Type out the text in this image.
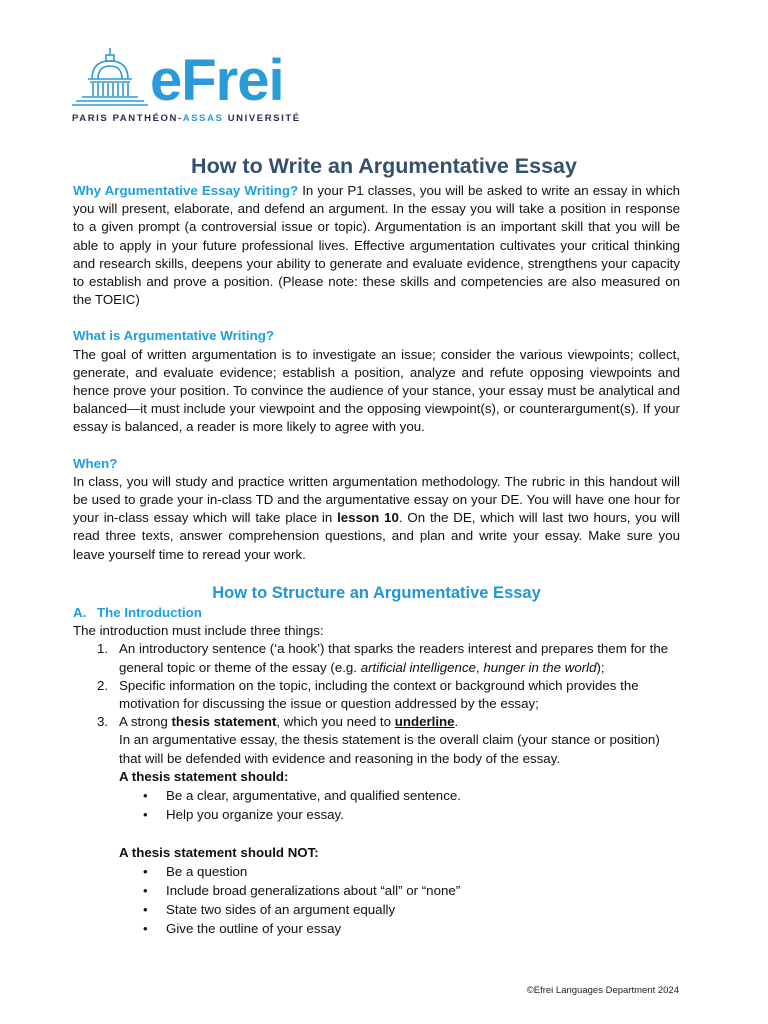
eFrei
PARIS PANTHÉON-ASSAS UNIVERSITÉ
How to Write an Argumentative Essay

Why Argumentative Essay Writing? In your P1 classes, you will be asked to write an essay in which you will present, elaborate, and defend an argument. In the essay you will take a position in response to a given prompt (a controversial issue or topic). Argumentation is an important skill that you will be able to apply in your future professional lives. Effective argumentation cultivates your critical thinking and research skills, deepens your ability to generate and evaluate evidence, strengthens your capacity to establish and prove a position. (Please note: these skills and competencies are also measured on the TOEIC)

What is Argumentative Writing?

The goal of written argumentation is to investigate an issue; consider the various viewpoints; collect, generate, and evaluate evidence; establish a position, analyze and refute opposing viewpoints and hence prove your position. To convince the audience of your stance, your essay must be analytical and balanced—it must include your viewpoint and the opposing viewpoint(s), or counterargument(s). If your essay is balanced, a reader is more likely to agree with you.

When?

In class, you will study and practice written argumentation methodology. The rubric in this handout will be used to grade your in-class TD and the argumentative essay on your DE. You will have one hour for your in-class essay which will take place in lesson 10. On the DE, which will last two hours, you will read three texts, answer comprehension questions, and plan and write your essay. Make sure you leave yourself time to reread your work.

How to Structure an Argumentative Essay

A. The Introduction

The introduction must include three things:

1. An introductory sentence (‘a hook’) that sparks the readers interest and prepares them for the general topic or theme of the essay (e.g. artificial intelligence, hunger in the world);
2. Specific information on the topic, including the context or background which provides the motivation for discussing the issue or question addressed by the essay;
3. A strong thesis statement, which you need to underline.
In an argumentative essay, the thesis statement is the overall claim (your stance or position) that will be defended with evidence and reasoning in the body of the essay.
A thesis statement should:
• Be a clear, argumentative, and qualified sentence.
• Help you organize your essay.
A thesis statement should NOT:
• Be a question
• Include broad generalizations about “all” or “none”
• State two sides of an argument equally
• Give the outline of your essay
©Efrei Languages Department 2024
